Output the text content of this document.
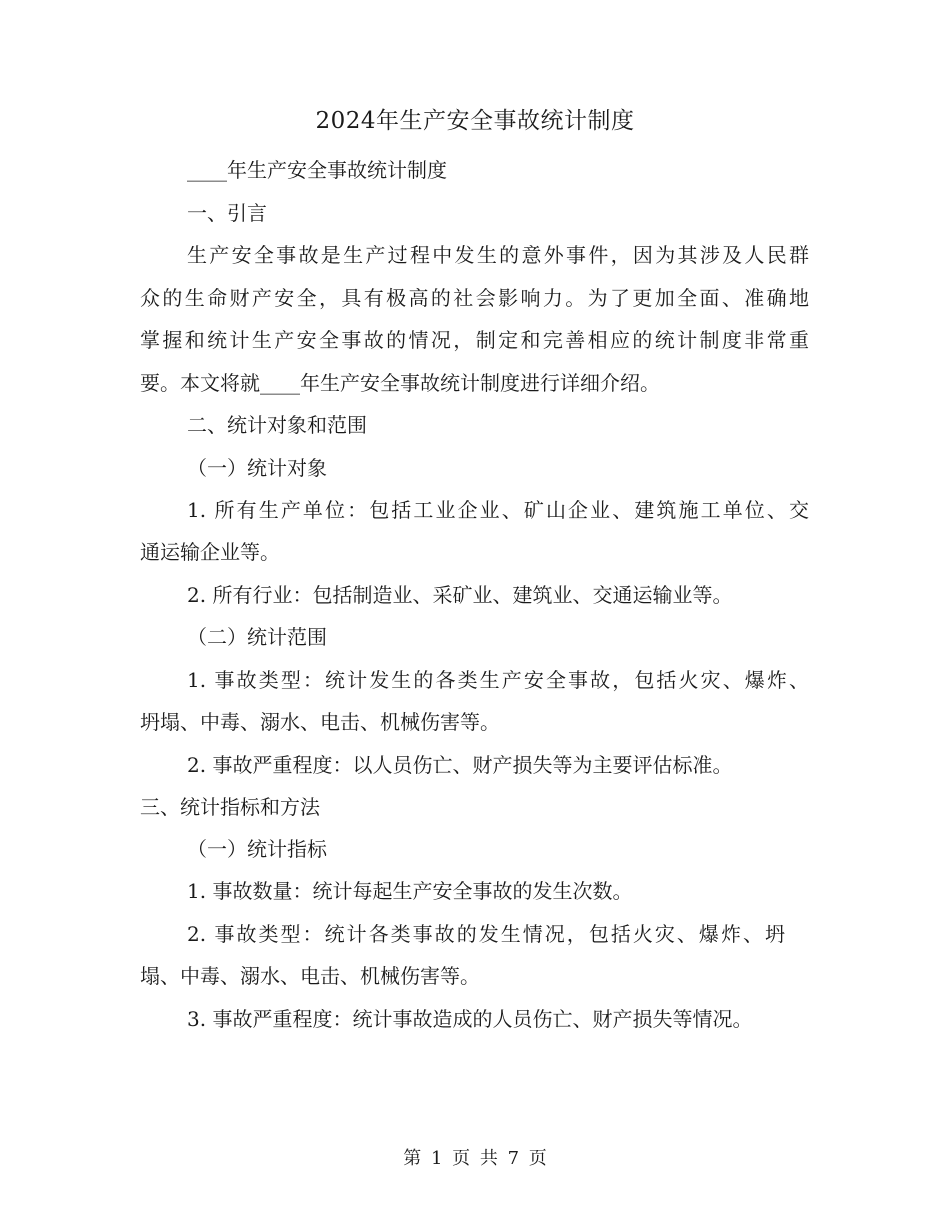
2024年生产安全事故统计制度
____年生产安全事故统计制度
一、引言
生产安全事故是生产过程中发生的意外事件，因为其涉及人民群
众的生命财产安全，具有极高的社会影响力。为了更加全面、准确地
掌握和统计生产安全事故的情况，制定和完善相应的统计制度非常重
要。本文将就____年生产安全事故统计制度进行详细介绍。
二、统计对象和范围
（一）统计对象
1. 所有生产单位：包括工业企业、矿山企业、建筑施工单位、交
通运输企业等。
2. 所有行业：包括制造业、采矿业、建筑业、交通运输业等。
（二）统计范围
1. 事故类型：统计发生的各类生产安全事故，包括火灾、爆炸、
坍塌、中毒、溺水、电击、机械伤害等。
2. 事故严重程度：以人员伤亡、财产损失等为主要评估标准。
三、统计指标和方法
（一）统计指标
1. 事故数量：统计每起生产安全事故的发生次数。
2. 事故类型：统计各类事故的发生情况，包括火灾、爆炸、坍
塌、中毒、溺水、电击、机械伤害等。
3. 事故严重程度：统计事故造成的人员伤亡、财产损失等情况。
第 1 页 共 7 页
